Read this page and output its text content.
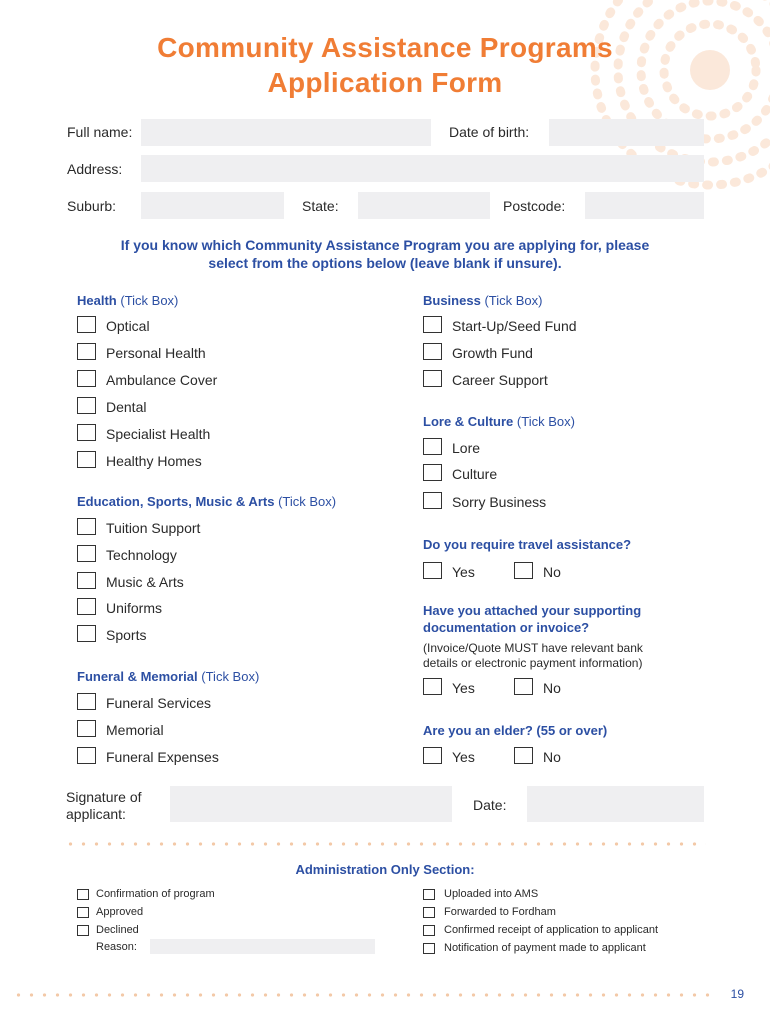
Community Assistance Programs
Application Form
Full name:	Date of birth:
Address:
Suburb:	State:	Postcode:
If you know which Community Assistance Program you are applying for, please
select from the options below (leave blank if unsure).
Health (Tick Box)
Optical
Personal Health
Ambulance Cover
Dental
Specialist Health
Healthy Homes
Education, Sports, Music & Arts (Tick Box)
Tuition Support
Technology
Music & Arts
Uniforms
Sports
Funeral & Memorial (Tick Box)
Funeral Services
Memorial
Funeral Expenses
Business (Tick Box)
Start-Up/Seed Fund
Growth Fund
Career Support
Lore & Culture (Tick Box)
Lore
Culture
Sorry Business
Do you require travel assistance?
Yes	No
Have you attached your supporting
documentation or invoice?
(Invoice/Quote MUST have relevant bank
details or electronic payment information)
Yes	No
Are you an elder? (55 or over)
Yes	No
Signature of
applicant:
Date:
Administration Only Section:
Confirmation of program
Approved
Declined
Reason:
Uploaded into AMS
Forwarded to Fordham
Confirmed receipt of application to applicant
Notification of payment made to applicant
19
